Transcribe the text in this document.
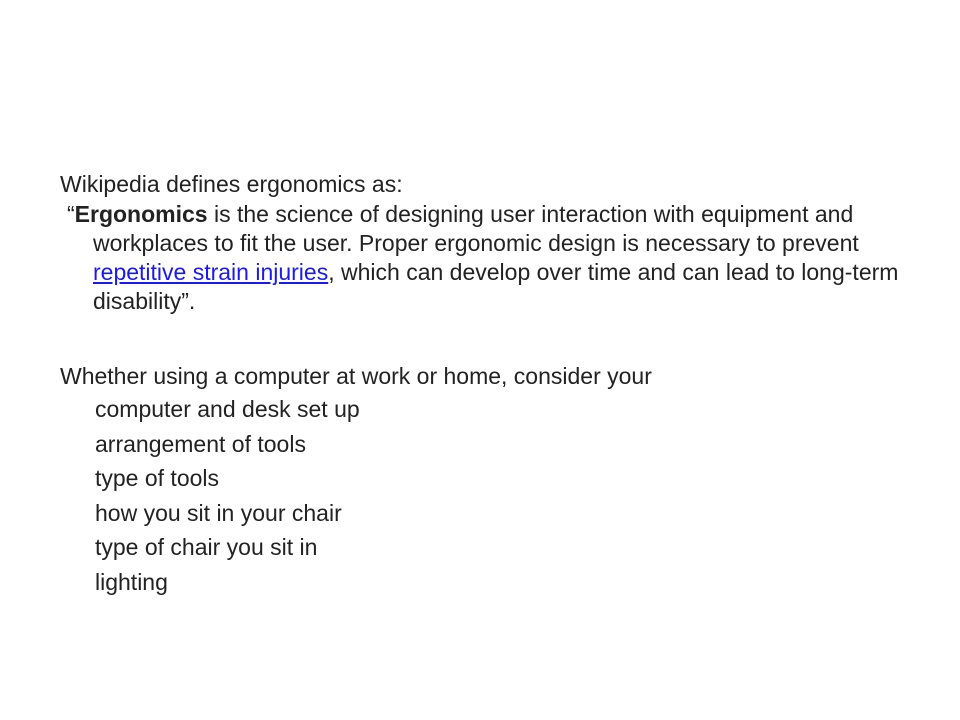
Wikipedia defines ergonomics as:

“Ergonomics is the science of designing user interaction with equipment and workplaces to fit the user. Proper ergonomic design is necessary to prevent repetitive strain injuries, which can develop over time and can lead to long-term disability”.

Whether using a computer at work or home, consider your

computer and desk set up
arrangement of tools
type of tools
how you sit in your chair
type of chair you sit in
lighting
